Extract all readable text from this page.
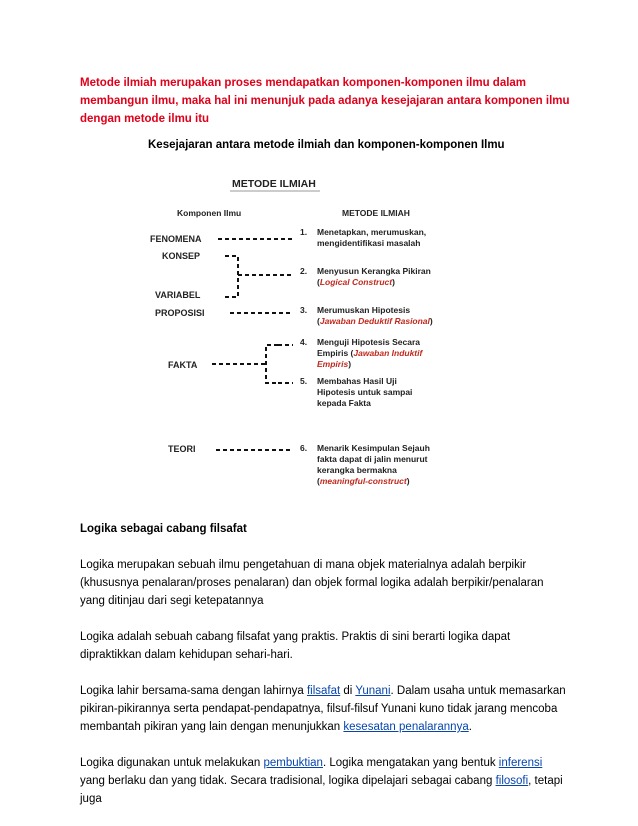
Metode ilmiah merupakan proses mendapatkan komponen-komponen ilmu dalam membangun ilmu, maka hal ini menunjuk pada adanya kesejajaran antara komponen ilmu dengan metode ilmu itu

Kesejajaran antara metode ilmiah dan komponen-komponen Ilmu

METODE ILMIAH
Komponen Ilmu	METODE ILMIAH
FENOMENA
KONSEP
VARIABEL
PROPOSISI
FAKTA
TEORI
1. Menetapkan, merumuskan,
mengidentifikasi masalah
2. Menyusun Kerangka Pikiran
(Logical Construct)
3. Merumuskan Hipotesis
(Jawaban Deduktif Rasional)
4. Menguji Hipotesis Secara
Empiris (Jawaban Induktif
Empiris)
5. Membahas Hasil Uji
Hipotesis untuk sampai
kepada Fakta
6. Menarik Kesimpulan Sejauh
fakta dapat di jalin menurut
kerangka bermakna
(meaningful-construct)
Logika sebagai cabang filsafat

Logika merupakan sebuah ilmu pengetahuan di mana objek materialnya adalah berpikir (khususnya penalaran/proses penalaran) dan objek formal logika adalah berpikir/penalaran yang ditinjau dari segi ketepatannya

Logika adalah sebuah cabang filsafat yang praktis. Praktis di sini berarti logika dapat dipraktikkan dalam kehidupan sehari-hari.

Logika lahir bersama-sama dengan lahirnya filsafat di Yunani. Dalam usaha untuk memasarkan pikiran-pikirannya serta pendapat-pendapatnya, filsuf-filsuf Yunani kuno tidak jarang mencoba membantah pikiran yang lain dengan menunjukkan kesesatan penalarannya.

Logika digunakan untuk melakukan pembuktian. Logika mengatakan yang bentuk inferensi yang berlaku dan yang tidak. Secara tradisional, logika dipelajari sebagai cabang filosofi, tetapi juga
